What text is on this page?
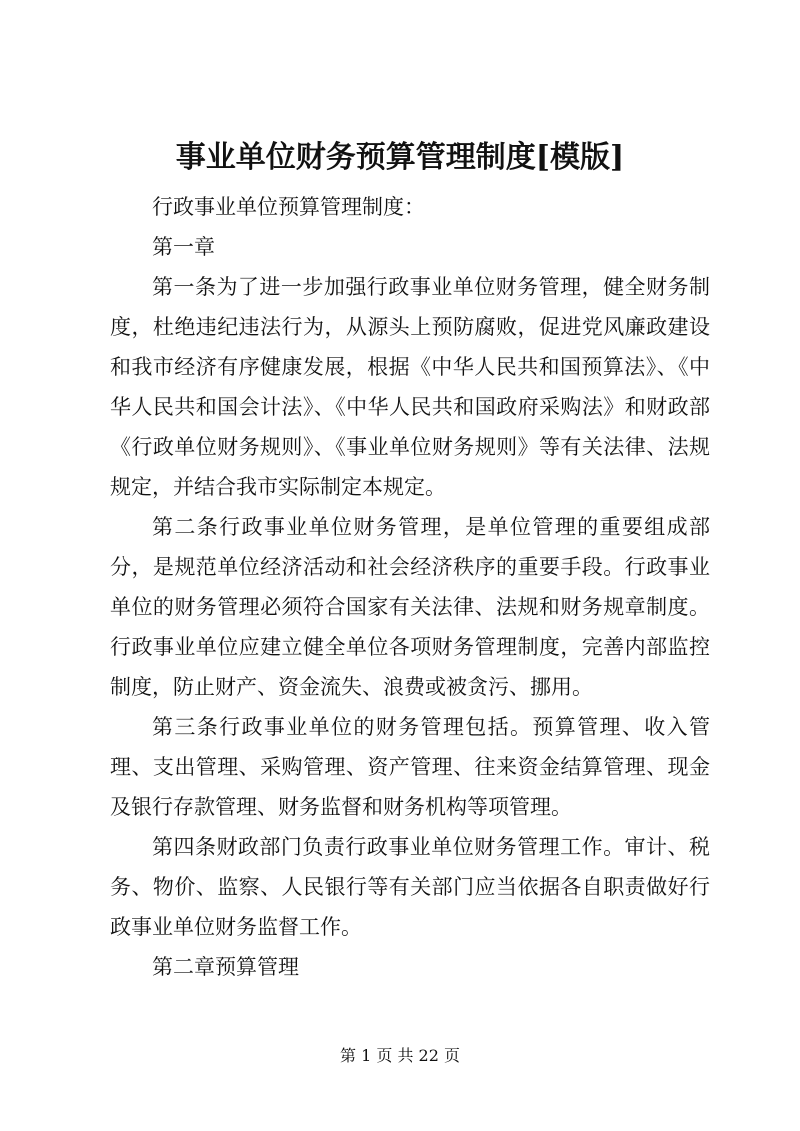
事业单位财务预算管理制度[模版]

行政事业单位预算管理制度：

第一章

第一条为了进一步加强行政事业单位财务管理，健全财务制度，杜绝违纪违法行为，从源头上预防腐败，促进党风廉政建设和我市经济有序健康发展，根据《中华人民共和国预算法》、《中华人民共和国会计法》、《中华人民共和国政府采购法》和财政部《行政单位财务规则》、《事业单位财务规则》等有关法律、法规规定，并结合我市实际制定本规定。

第二条行政事业单位财务管理，是单位管理的重要组成部分，是规范单位经济活动和社会经济秩序的重要手段。行政事业单位的财务管理必须符合国家有关法律、法规和财务规章制度。行政事业单位应建立健全单位各项财务管理制度，完善内部监控制度，防止财产、资金流失、浪费或被贪污、挪用。

第三条行政事业单位的财务管理包括。预算管理、收入管理、支出管理、采购管理、资产管理、往来资金结算管理、现金及银行存款管理、财务监督和财务机构等项管理。

第四条财政部门负责行政事业单位财务管理工作。审计、税务、物价、监察、人民银行等有关部门应当依据各自职责做好行政事业单位财务监督工作。

第二章预算管理

第 1 页 共 22 页
